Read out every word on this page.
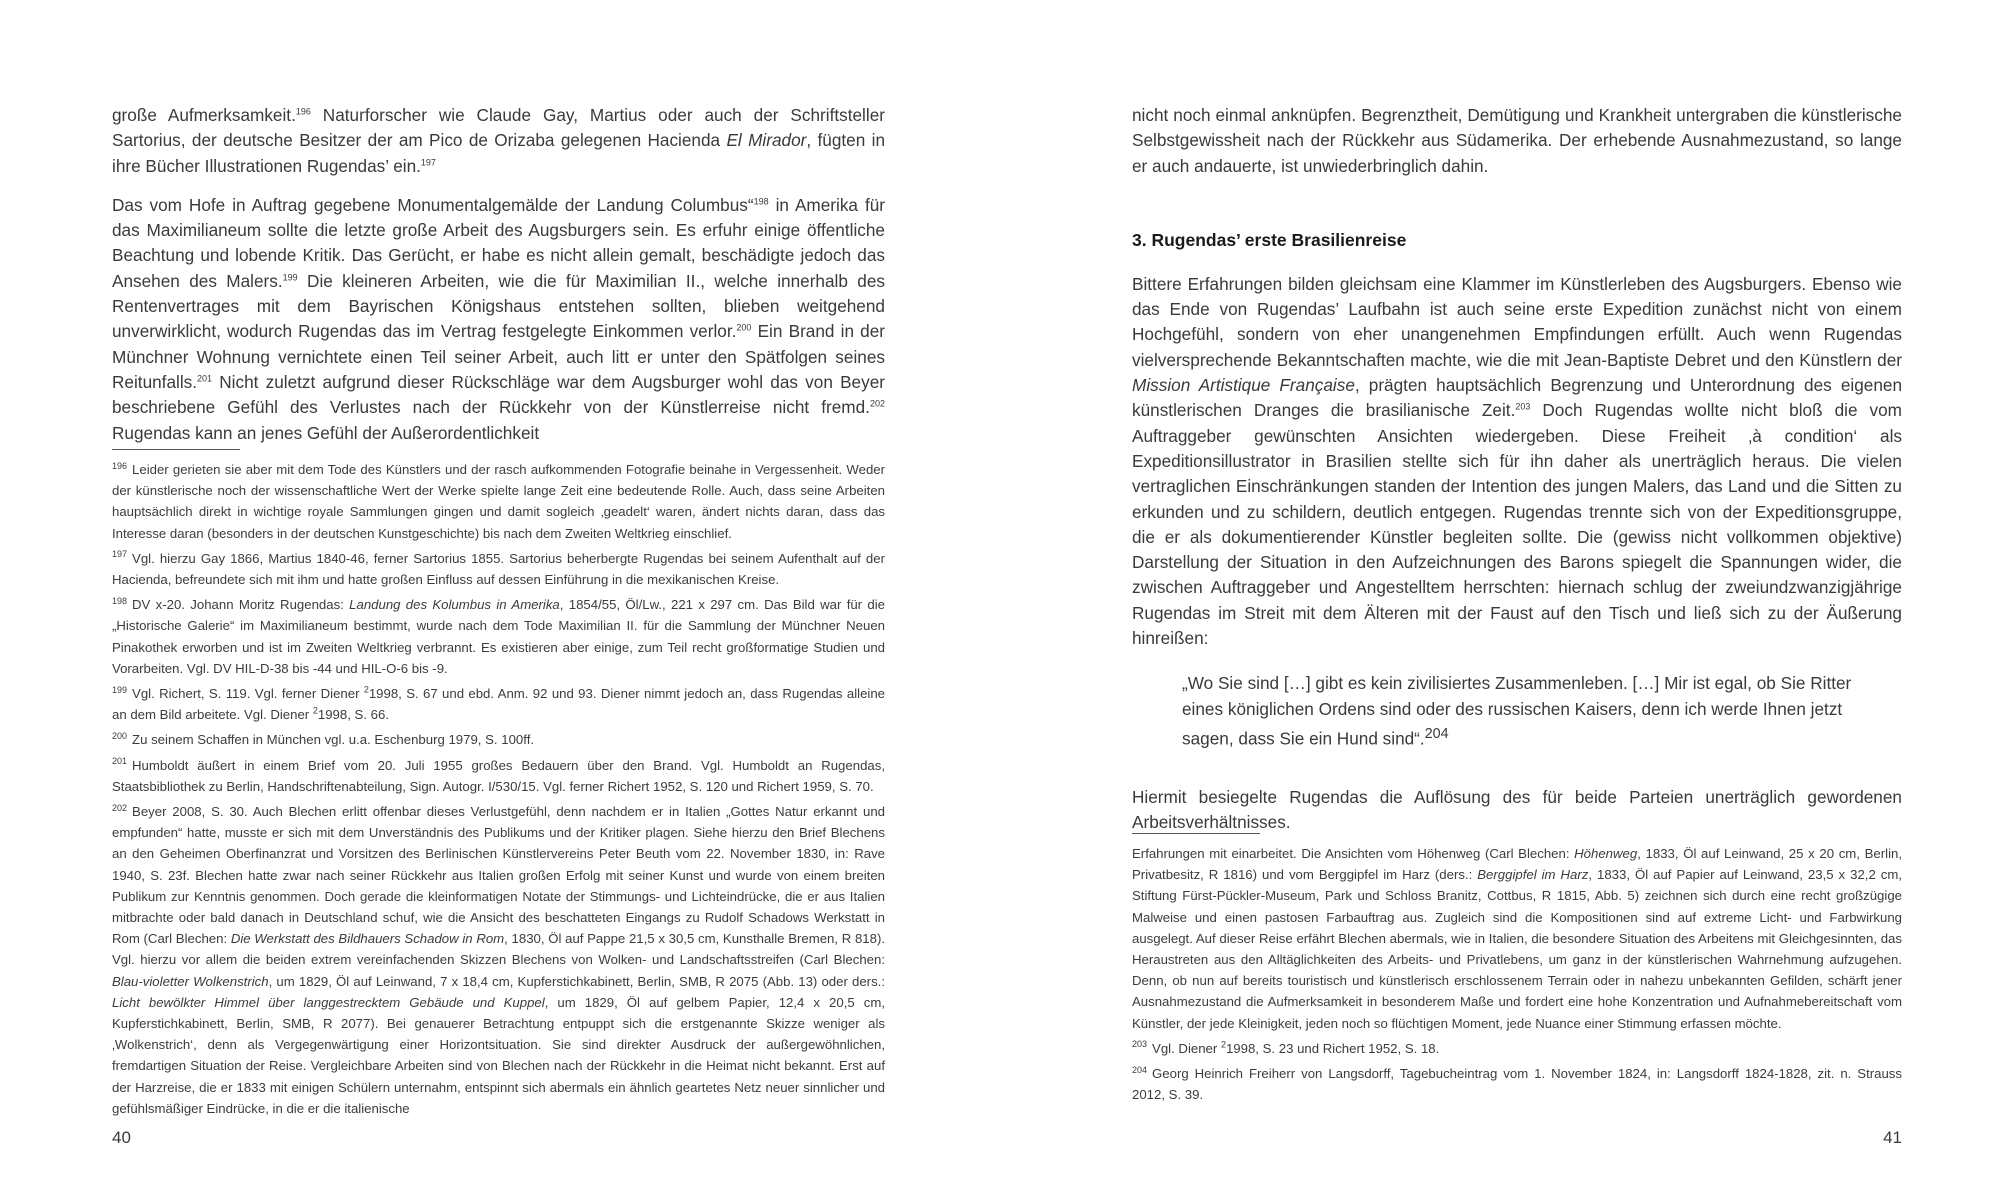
große Aufmerksamkeit.$^{196}$ Naturforscher wie Claude Gay, Martius oder auch der Schriftsteller Sartorius, der deutsche Besitzer der am Pico de Orizaba gelegenen Hacienda El Mirador, fügten in ihre Bücher Illustrationen Rugendas’ ein.$^{197}$

Das vom Hofe in Auftrag gegebene Monumentalgemälde der Landung Columbus“$^{198}$ in Amerika für das Maximilianeum sollte die letzte große Arbeit des Augsburgers sein. Es erfuhr einige öffentliche Beachtung und lobende Kritik. Das Gerücht, er habe es nicht allein gemalt, beschädigte jedoch das Ansehen des Malers.$^{199}$ Die kleineren Arbeiten, wie die für Maximilian II., welche innerhalb des Rentenvertrages mit dem Bayrischen Königshaus entstehen sollten, blieben weitgehend unverwirklicht, wodurch Rugendas das im Vertrag festgelegte Einkommen verlor.$^{200}$ Ein Brand in der Münchner Wohnung vernichtete einen Teil seiner Arbeit, auch litt er unter den Spätfolgen seines Reitunfalls.$^{201}$ Nicht zuletzt aufgrund dieser Rückschläge war dem Augsburger wohl das von Beyer beschriebene Gefühl des Verlustes nach der Rückkehr von der Künstlerreise nicht fremd.$^{202}$ Rugendas kann an jenes Gefühl der Außerordentlichkeit

$^{196}$ Leider gerieten sie aber mit dem Tode des Künstlers und der rasch aufkommenden Fotografie beinahe in Vergessenheit. Weder der künstlerische noch der wissenschaftliche Wert der Werke spielte lange Zeit eine bedeutende Rolle. Auch, dass seine Arbeiten hauptsächlich direkt in wichtige royale Sammlungen gingen und damit sogleich ‚geadelt‘ waren, ändert nichts daran, dass das Interesse daran (besonders in der deutschen Kunstgeschichte) bis nach dem Zweiten Weltkrieg einschlief.

$^{197}$ Vgl. hierzu Gay 1866, Martius 1840-46, ferner Sartorius 1855. Sartorius beherbergte Rugendas bei seinem Aufenthalt auf der Hacienda, befreundete sich mit ihm und hatte großen Einfluss auf dessen Einführung in die mexikanischen Kreise.

$^{198}$ DV x-20. Johann Moritz Rugendas: Landung des Kolumbus in Amerika, 1854/55, Öl/Lw., 221 x 297 cm. Das Bild war für die „Historische Galerie“ im Maximilianeum bestimmt, wurde nach dem Tode Maximilian II. für die Sammlung der Münchner Neuen Pinakothek erworben und ist im Zweiten Weltkrieg verbrannt. Es existieren aber einige, zum Teil recht großformatige Studien und Vorarbeiten. Vgl. DV HIL-D-38 bis -44 und HIL-O-6 bis -9.

$^{199}$ Vgl. Richert, S. 119. Vgl. ferner Diener $^2$1998, S. 67 und ebd. Anm. 92 und 93. Diener nimmt jedoch an, dass Rugendas alleine an dem Bild arbeitete. Vgl. Diener $^2$1998, S. 66.

$^{200}$ Zu seinem Schaffen in München vgl. u.a. Eschenburg 1979, S. 100ff.

$^{201}$ Humboldt äußert in einem Brief vom 20. Juli 1955 großes Bedauern über den Brand. Vgl. Humboldt an Rugendas, Staatsbibliothek zu Berlin, Handschriftenabteilung, Sign. Autogr. I/530/15. Vgl. ferner Richert 1952, S. 120 und Richert 1959, S. 70.

$^{202}$ Beyer 2008, S. 30. Auch Blechen erlitt offenbar dieses Verlustgefühl, denn nachdem er in Italien „Gottes Natur erkannt und empfunden“ hatte, musste er sich mit dem Unverständnis des Publikums und der Kritiker plagen. Siehe hierzu den Brief Blechens an den Geheimen Oberfinanzrat und Vorsitzen des Berlinischen Künstlervereins Peter Beuth vom 22. November 1830, in: Rave 1940, S. 23f. Blechen hatte zwar nach seiner Rückkehr aus Italien großen Erfolg mit seiner Kunst und wurde von einem breiten Publikum zur Kenntnis genommen. Doch gerade die kleinformatigen Notate der Stimmungs- und Lichteindrücke, die er aus Italien mitbrachte oder bald danach in Deutschland schuf, wie die Ansicht des beschatteten Eingangs zu Rudolf Schadows Werkstatt in Rom (Carl Blechen: Die Werkstatt des Bildhauers Schadow in Rom, 1830, Öl auf Pappe 21,5 x 30,5 cm, Kunsthalle Bremen, R 818). Vgl. hierzu vor allem die beiden extrem vereinfachenden Skizzen Blechens von Wolken- und Landschaftsstreifen (Carl Blechen: Blau-violetter Wolkenstrich, um 1829, Öl auf Leinwand, 7 x 18,4 cm, Kupferstichkabinett, Berlin, SMB, R 2075 (Abb. 13) oder ders.: Licht bewölkter Himmel über langgestrecktem Gebäude und Kuppel, um 1829, Öl auf gelbem Papier, 12,4 x 20,5 cm, Kupferstichkabinett, Berlin, SMB, R 2077). Bei genauerer Betrachtung entpuppt sich die erstgenannte Skizze weniger als ‚Wolkenstrich‘, denn als Vergegenwärtigung einer Horizontsituation. Sie sind direkter Ausdruck der außergewöhnlichen, fremdartigen Situation der Reise. Vergleichbare Arbeiten sind von Blechen nach der Rückkehr in die Heimat nicht bekannt. Erst auf der Harzreise, die er 1833 mit einigen Schülern unternahm, entspinnt sich abermals ein ähnlich geartetes Netz neuer sinnlicher und gefühlsmäßiger Eindrücke, in die er die italienische

40

nicht noch einmal anknüpfen. Begrenztheit, Demütigung und Krankheit untergraben die künstlerische Selbstgewissheit nach der Rückkehr aus Südamerika. Der erhebende Ausnahmezustand, so lange er auch andauerte, ist unwiederbringlich dahin.

3. Rugendas’ erste Brasilienreise

Bittere Erfahrungen bilden gleichsam eine Klammer im Künstlerleben des Augsburgers. Ebenso wie das Ende von Rugendas’ Laufbahn ist auch seine erste Expedition zunächst nicht von einem Hochgefühl, sondern von eher unangenehmen Empfindungen erfüllt. Auch wenn Rugendas vielversprechende Bekanntschaften machte, wie die mit Jean-Baptiste Debret und den Künstlern der Mission Artistique Française, prägten hauptsächlich Begrenzung und Unterordnung des eigenen künstlerischen Dranges die brasilianische Zeit.$^{203}$ Doch Rugendas wollte nicht bloß die vom Auftraggeber gewünschten Ansichten wiedergeben. Diese Freiheit ‚à condition‘ als Expeditionsillustrator in Brasilien stellte sich für ihn daher als unerträglich heraus. Die vielen vertraglichen Einschränkungen standen der Intention des jungen Malers, das Land und die Sitten zu erkunden und zu schildern, deutlich entgegen. Rugendas trennte sich von der Expeditionsgruppe, die er als dokumentierender Künstler begleiten sollte. Die (gewiss nicht vollkommen objektive) Darstellung der Situation in den Aufzeichnungen des Barons spiegelt die Spannungen wider, die zwischen Auftraggeber und Angestelltem herrschten: hiernach schlug der zweiundzwanzigjährige Rugendas im Streit mit dem Älteren mit der Faust auf den Tisch und ließ sich zu der Äußerung hinreißen:

„Wo Sie sind […] gibt es kein zivilisiertes Zusammenleben. […] Mir ist egal, ob Sie Ritter eines königlichen Ordens sind oder des russischen Kaisers, denn ich werde Ihnen jetzt sagen, dass Sie ein Hund sind“.$^{204}$

Hiermit besiegelte Rugendas die Auflösung des für beide Parteien unerträglich gewordenen Arbeitsverhältnisses.

Erfahrungen mit einarbeitet. Die Ansichten vom Höhenweg (Carl Blechen: Höhenweg, 1833, Öl auf Leinwand, 25 x 20 cm, Berlin, Privatbesitz, R 1816) und vom Berggipfel im Harz (ders.: Berggipfel im Harz, 1833, Öl auf Papier auf Leinwand, 23,5 x 32,2 cm, Stiftung Fürst-Pückler-Museum, Park und Schloss Branitz, Cottbus, R 1815, Abb. 5) zeichnen sich durch eine recht großzügige Malweise und einen pastosen Farbauftrag aus. Zugleich sind die Kompositionen sind auf extreme Licht- und Farbwirkung ausgelegt. Auf dieser Reise erfährt Blechen abermals, wie in Italien, die besondere Situation des Arbeitens mit Gleichgesinnten, das Heraustreten aus den Alltäglichkeiten des Arbeits- und Privatlebens, um ganz in der künstlerischen Wahrnehmung aufzugehen. Denn, ob nun auf bereits touristisch und künstlerisch erschlossenem Terrain oder in nahezu unbekannten Gefilden, schärft jener Ausnahmezustand die Aufmerksamkeit in besonderem Maße und fordert eine hohe Konzentration und Aufnahmebereitschaft vom Künstler, der jede Kleinigkeit, jeden noch so flüchtigen Moment, jede Nuance einer Stimmung erfassen möchte.

$^{203}$ Vgl. Diener $^2$1998, S. 23 und Richert 1952, S. 18.

$^{204}$ Georg Heinrich Freiherr von Langsdorff, Tagebucheintrag vom 1. November 1824, in: Langsdorff 1824-1828, zit. n. Strauss 2012, S. 39.

41
